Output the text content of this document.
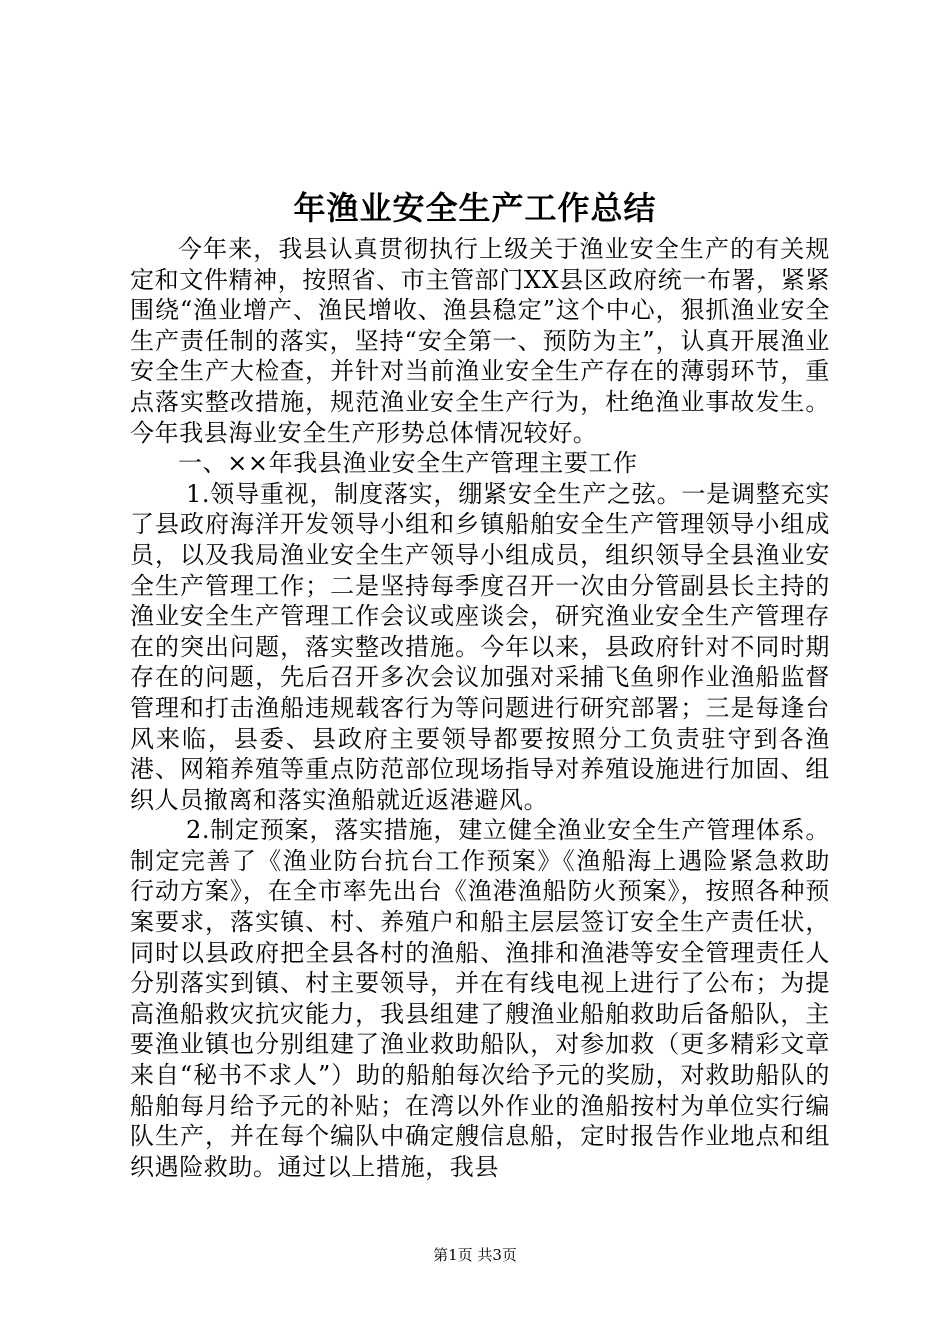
年渔业安全生产工作总结

今年来，我县认真贯彻执行上级关于渔业安全生产的有关规定和文件精神，按照省、市主管部门XX县区政府统一布署，紧紧围绕“渔业增产、渔民增收、渔县稳定”这个中心，狠抓渔业安全生产责任制的落实，坚持“安全第一、预防为主”，认真开展渔业安全生产大检查，并针对当前渔业安全生产存在的薄弱环节，重点落实整改措施，规范渔业安全生产行为，杜绝渔业事故发生。今年我县海业安全生产形势总体情况较好。

一、××年我县渔业安全生产管理主要工作

1.领导重视，制度落实，绷紧安全生产之弦。一是调整充实了县政府海洋开发领导小组和乡镇船舶安全生产管理领导小组成员，以及我局渔业安全生产领导小组成员，组织领导全县渔业安全生产管理工作；二是坚持每季度召开一次由分管副县长主持的渔业安全生产管理工作会议或座谈会，研究渔业安全生产管理存在的突出问题，落实整改措施。今年以来，县政府针对不同时期存在的问题，先后召开多次会议加强对采捕飞鱼卵作业渔船监督管理和打击渔船违规载客行为等问题进行研究部署；三是每逢台风来临，县委、县政府主要领导都要按照分工负责驻守到各渔港、网箱养殖等重点防范部位现场指导对养殖设施进行加固、组织人员撤离和落实渔船就近返港避风。

2.制定预案，落实措施，建立健全渔业安全生产管理体系。制定完善了《渔业防台抗台工作预案》《渔船海上遇险紧急救助行动方案》，在全市率先出台《渔港渔船防火预案》，按照各种预案要求，落实镇、村、养殖户和船主层层签订安全生产责任状，同时以县政府把全县各村的渔船、渔排和渔港等安全管理责任人分别落实到镇、村主要领导，并在有线电视上进行了公布；为提高渔船救灾抗灾能力，我县组建了艘渔业船舶救助后备船队，主要渔业镇也分别组建了渔业救助船队，对参加救（更多精彩文章来自“秘书不求人”）助的船舶每次给予元的奖励，对救助船队的船舶每月给予元的补贴；在湾以外作业的渔船按村为单位实行编队生产，并在每个编队中确定艘信息船，定时报告作业地点和组织遇险救助。通过以上措施，我县

第1页 共3页
